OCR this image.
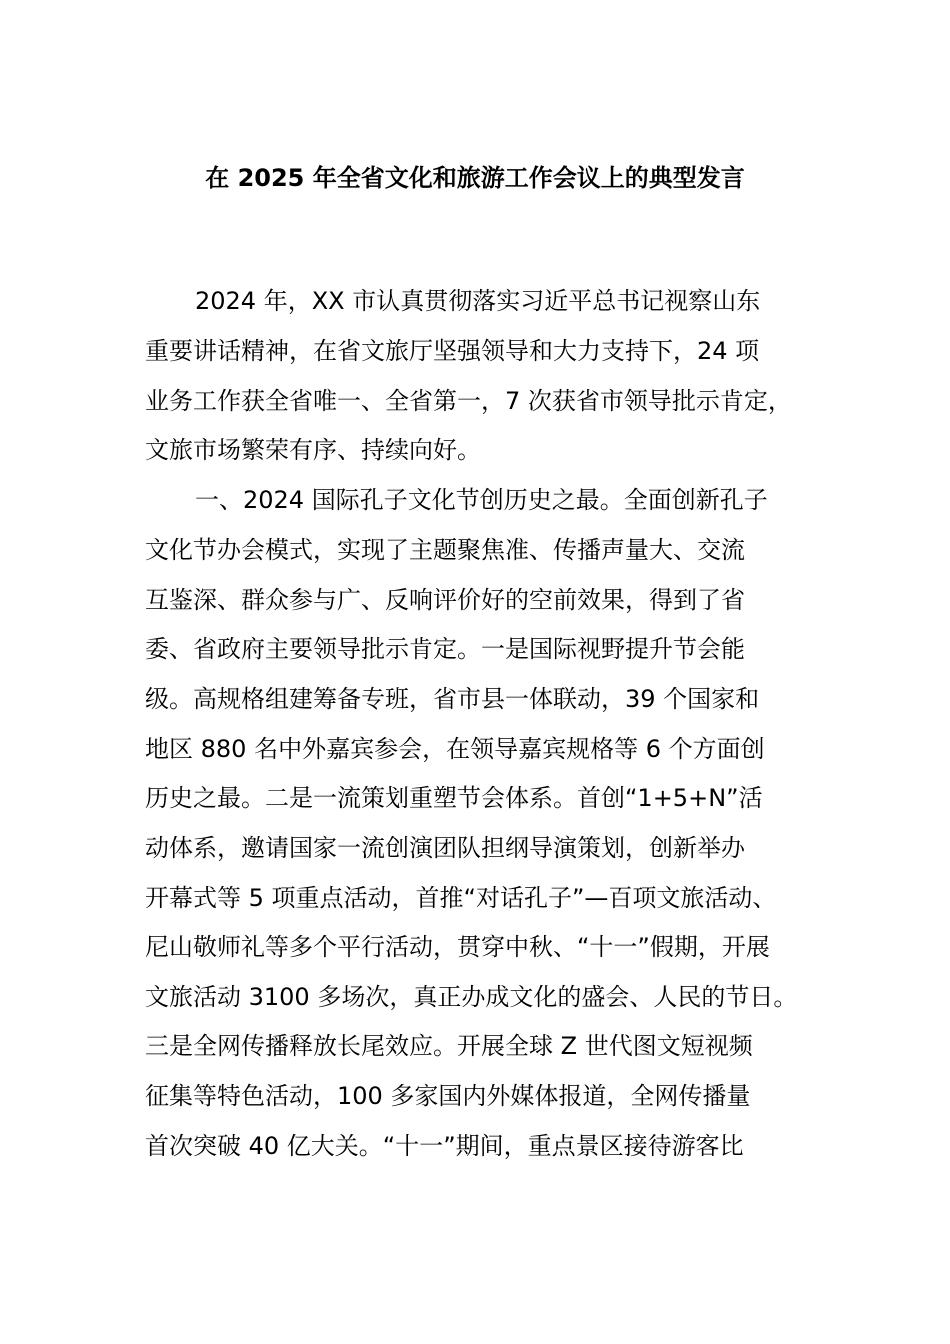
在 2025 年全省文化和旅游工作会议上的典型发言
2024 年，XX 市认真贯彻落实习近平总书记视察山东
重要讲话精神，在省文旅厅坚强领导和大力支持下，24 项
业务工作获全省唯一、全省第一，7 次获省市领导批示肯定，
文旅市场繁荣有序、持续向好。
一、2024 国际孔子文化节创历史之最。全面创新孔子
文化节办会模式，实现了主题聚焦准、传播声量大、交流
互鉴深、群众参与广、反响评价好的空前效果，得到了省
委、省政府主要领导批示肯定。一是国际视野提升节会能
级。高规格组建筹备专班，省市县一体联动，39 个国家和
地区 880 名中外嘉宾参会，在领导嘉宾规格等 6 个方面创
历史之最。二是一流策划重塑节会体系。首创“1+5+N”活
动体系，邀请国家一流创演团队担纲导演策划，创新举办
开幕式等 5 项重点活动，首推“对话孔子”—百项文旅活动、
尼山敬师礼等多个平行活动，贯穿中秋、“十一”假期，开展
文旅活动 3100 多场次，真正办成文化的盛会、人民的节日。
三是全网传播释放长尾效应。开展全球 Z 世代图文短视频
征集等特色活动，100 多家国内外媒体报道，全网传播量
首次突破 40 亿大关。“十一”期间，重点景区接待游客比
